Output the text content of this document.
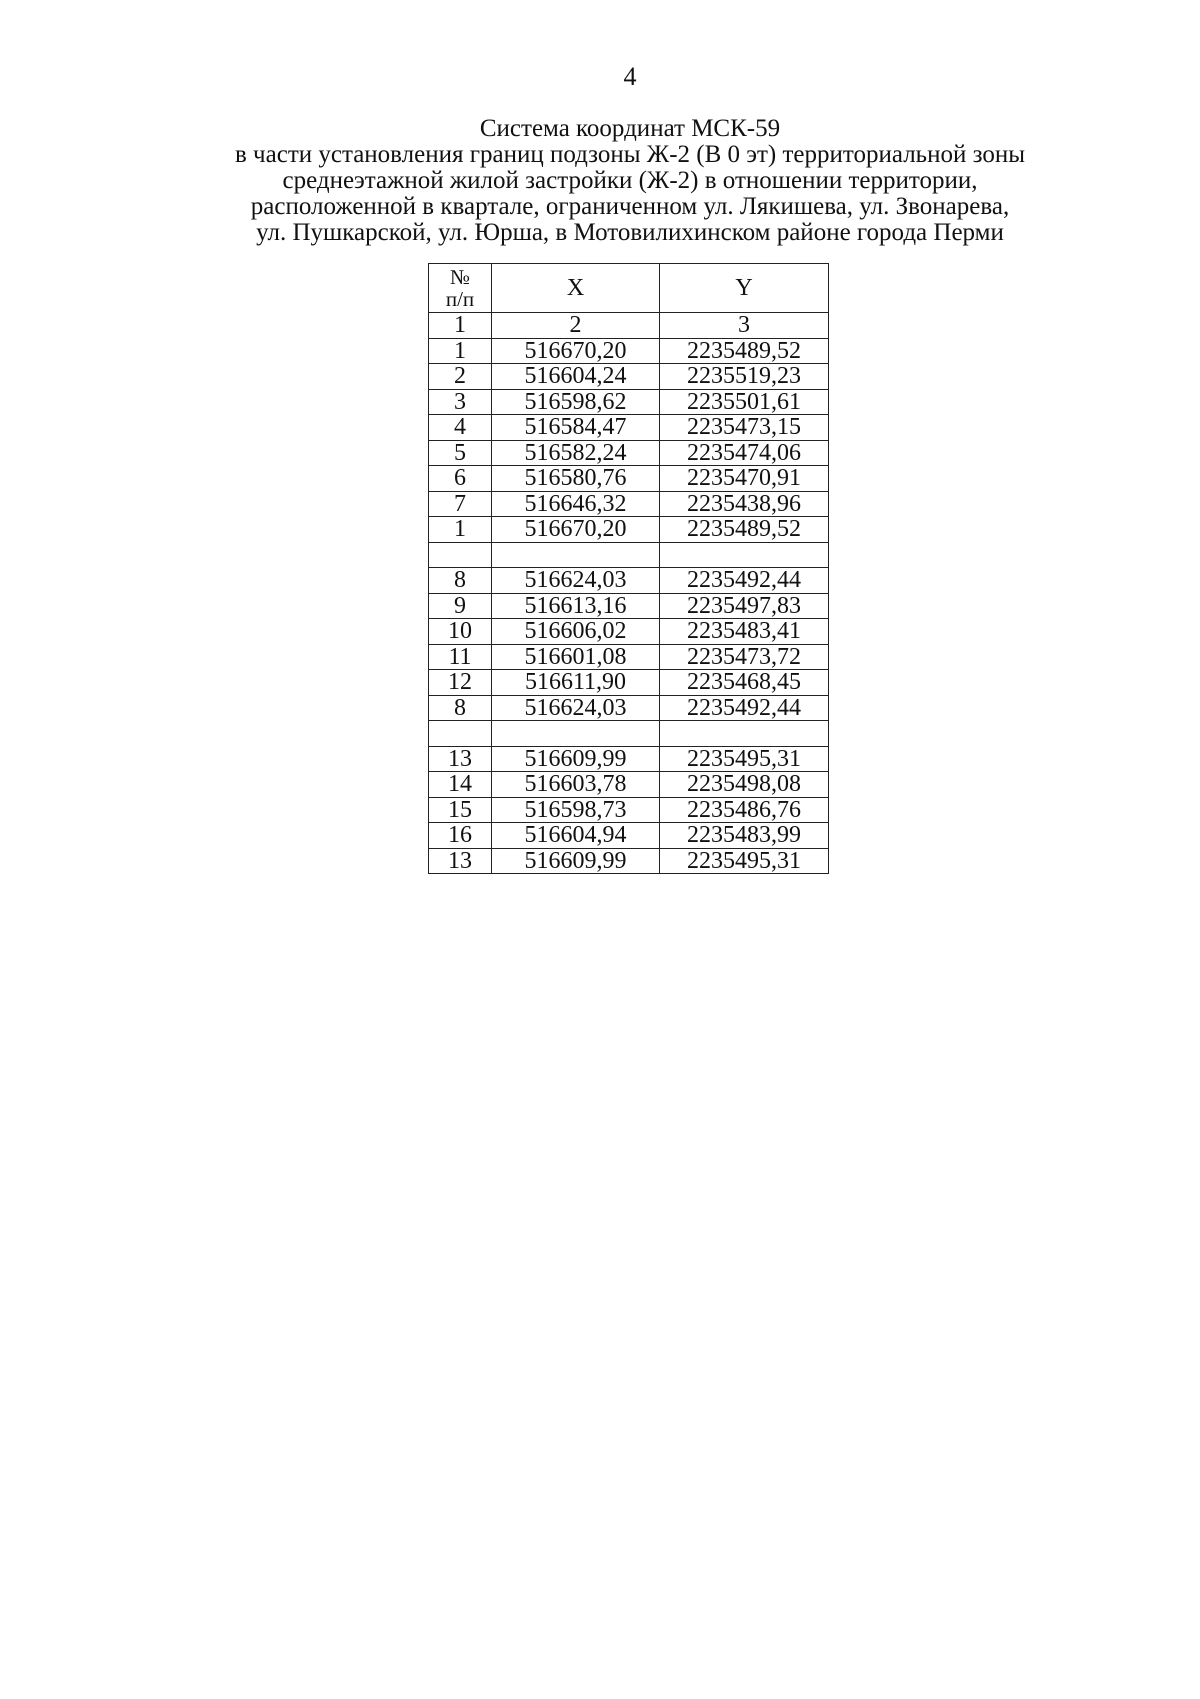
4
Система координат МСК-59
в части установления границ подзоны Ж-2 (В 0 эт) территориальной зоны
среднеэтажной жилой застройки (Ж-2) в отношении территории,
расположенной в квартале, ограниченном ул. Лякишева, ул. Звонарева,
ул. Пушкарской, ул. Юрша, в Мотовилихинском районе города Перми
№
п/п	X	Y
1	2	3
1	516670,20	2235489,52
2	516604,24	2235519,23
3	516598,62	2235501,61
4	516584,47	2235473,15
5	516582,24	2235474,06
6	516580,76	2235470,91
7	516646,32	2235438,96
1	516670,20	2235489,52

8	516624,03	2235492,44
9	516613,16	2235497,83
10	516606,02	2235483,41
11	516601,08	2235473,72
12	516611,90	2235468,45
8	516624,03	2235492,44

13	516609,99	2235495,31
14	516603,78	2235498,08
15	516598,73	2235486,76
16	516604,94	2235483,99
13	516609,99	2235495,31
